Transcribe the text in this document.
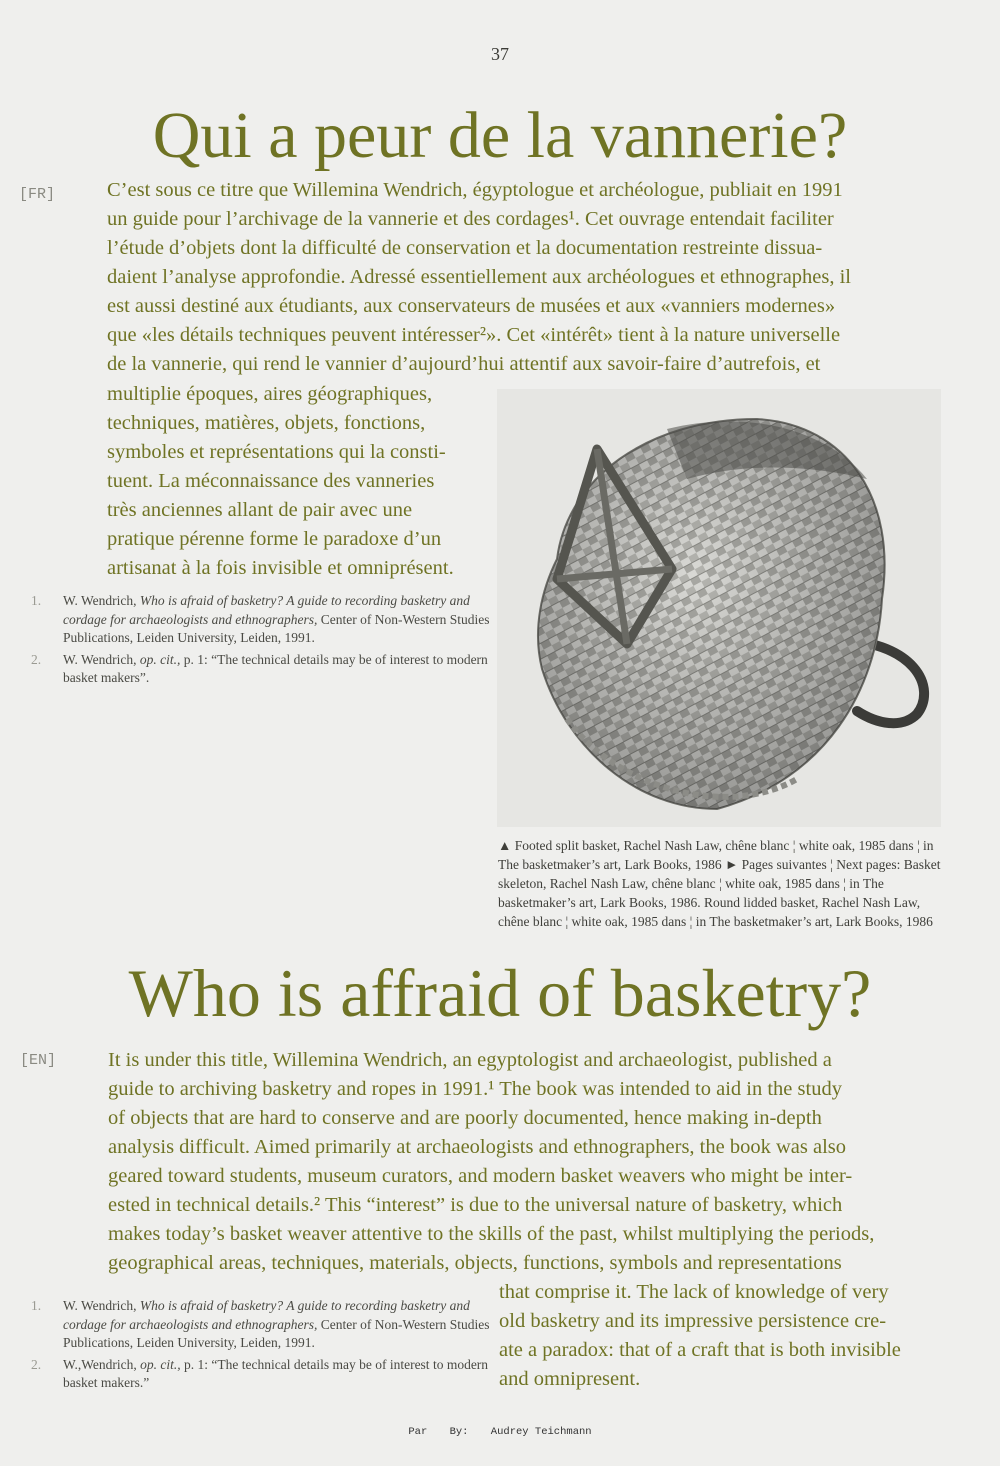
37
Qui a peur de la vannerie?
[FR]	C’est sous ce titre que Willemina Wendrich, égyptologue et archéologue, publiait en 1991
un guide pour l’archivage de la vannerie et des cordages¹. Cet ouvrage entendait faciliter
l’étude d’objets dont la difficulté de conservation et la documentation restreinte dissua-
daient l’analyse approfondie. Adressé essentiellement aux archéologues et ethnographes, il
est aussi destiné aux étudiants, aux conservateurs de musées et aux «vanniers modernes»
que «les détails techniques peuvent intéresser²». Cet «intérêt» tient à la nature universelle
de la vannerie, qui rend le vannier d’aujourd’hui attentif aux savoir-faire d’autrefois, et
multiplie époques, aires géographiques,
techniques, matières, objets, fonctions,
symboles et représentations qui la consti-
tuent. La méconnaissance des vanneries
très anciennes allant de pair avec une
pratique pérenne forme le paradoxe d’un
artisanat à la fois invisible et omniprésent.
1. W. Wendrich, Who is afraid of basketry? A guide to recording basketry and cordage for archaeologists and ethnographers, Center of Non-Western Studies Publications, Leiden University, Leiden, 1991.
2. W. Wendrich, op. cit., p. 1: “The technical details may be of interest to modern basket makers”.
▲ Footed split basket, Rachel Nash Law, chêne blanc ¦ white oak, 1985 dans ¦ in The basketmaker’s art, Lark Books, 1986 ► Pages suivantes ¦ Next pages: Basket skeleton, Rachel Nash Law, chêne blanc ¦ white oak, 1985 dans ¦ in The basketmaker’s art, Lark Books, 1986. Round lidded basket, Rachel Nash Law, chêne blanc ¦ white oak, 1985 dans ¦ in The basketmaker’s art, Lark Books, 1986
Who is affraid of basketry?
[EN]	It is under this title, Willemina Wendrich, an egyptologist and archaeologist, published a
guide to archiving basketry and ropes in 1991.¹ The book was intended to aid in the study
of objects that are hard to conserve and are poorly documented, hence making in-depth
analysis difficult. Aimed primarily at archaeologists and ethnographers, the book was also
geared toward students, museum curators, and modern basket weavers who might be inter-
ested in technical details.² This “interest” is due to the universal nature of basketry, which
makes today’s basket weaver attentive to the skills of the past, whilst multiplying the periods,
geographical areas, techniques, materials, objects, functions, symbols and representations
that comprise it. The lack of knowledge of very
old basketry and its impressive persistence cre-
ate a paradox: that of a craft that is both invisible
and omnipresent.
1. W. Wendrich, Who is afraid of basketry? A guide to recording basketry and cordage for archaeologists and ethnographers, Center of Non-Western Studies Publications, Leiden University, Leiden, 1991.
2. W.,Wendrich, op. cit., p. 1: “The technical details may be of interest to modern basket makers.”
Par By: Audrey Teichmann
